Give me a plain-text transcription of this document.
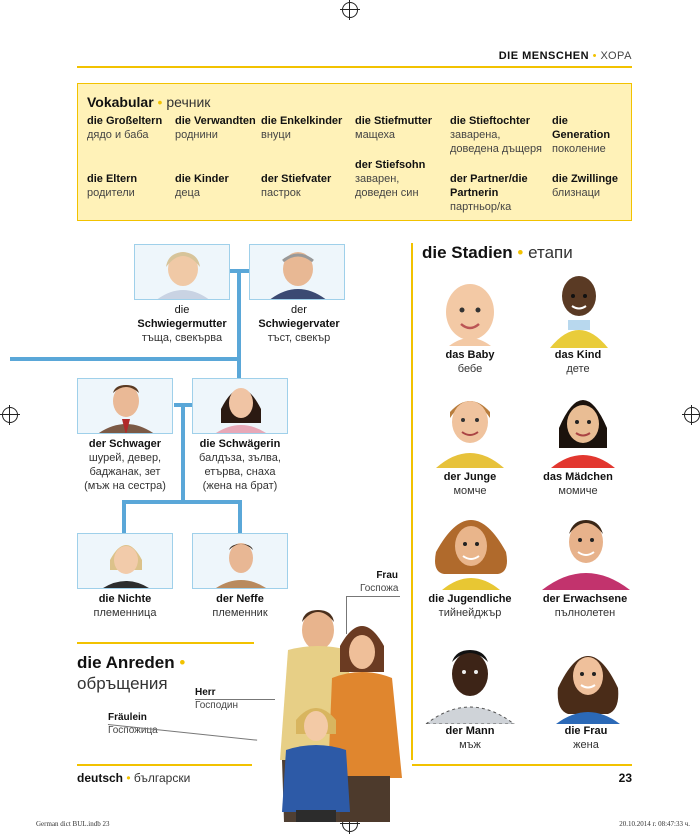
DIE MENSCHEN • ХОРА
Vokabular • речник
die Großeltern
дядо и баба
die Verwandten
роднини
die Enkelkinder
внуци
die Stiefmutter
мащеха
die Stieftochter
заварена, доведена дъщеря
die Generation
поколение
die Eltern
родители
die Kinder
деца
der Stiefvater
пастрок
der Stiefsohn
заварен, доведен син
der Partner/die Partnerin
партньор/ка
die Zwillinge
близнаци
die
Schwiegermutter
тъща, свекърва
der
Schwiegervater
тъст, свекър
der Schwager
шурей, девер,
баджанак, зет
(мъж на сестра)
die Schwägerin
балдъза, зълва,
етърва, снаха
(жена на брат)
die Nichte
племенница
der Neffe
племенник
die Stadien • етапи
das Baby
бебе
das Kind
дете
der Junge
момче
das Mädchen
момиче
die Jugendliche
тийнейджър
der Erwachsene
пълнолетен
der Mann
мъж
die Frau
жена
die Anreden •
обръщения
Frau
Госпожа
Herr
Господин
Fräulein
Госпожица
deutsch • български	23
German dict BUL.indb 23	20.10.2014 г. 08:47:33 ч.
